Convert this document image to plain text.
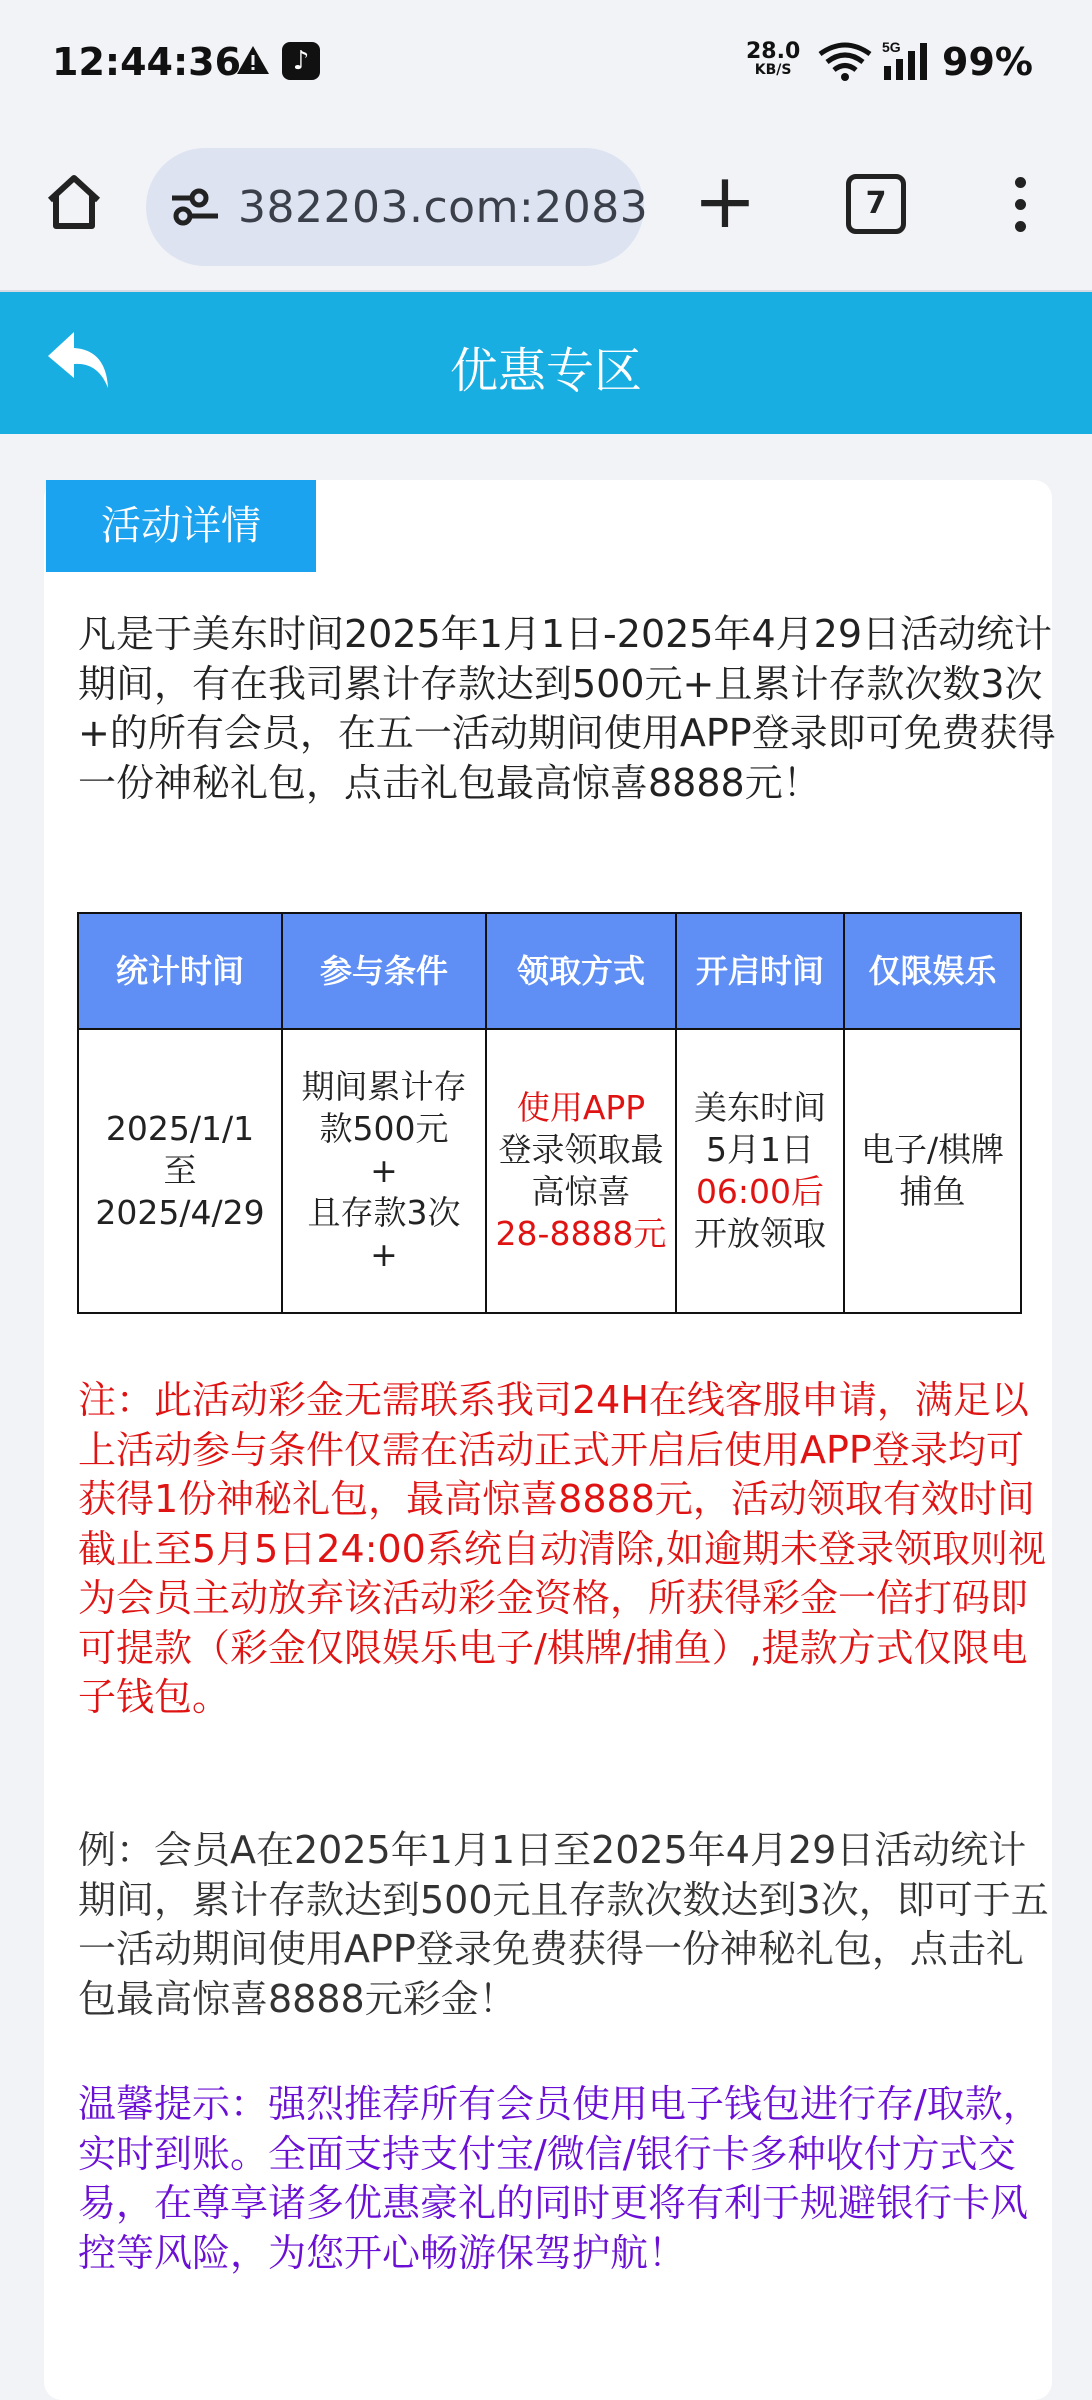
12:44:36	♪	28.0
KB/S
5G 99%
382203.com:2083 +	7
优惠专区
活动详情
凡是于美东时间2025年1月1日-2025年4月29日活动统计期间，有在我司累计存款达到500元+且累计存款次数3次+的所有会员，在五一活动期间使用APP登录即可免费获得一份神秘礼包，点击礼包最高惊喜8888元！
统计时间	参与条件	领取方式	开启时间	仅限娱乐
2025/1/1
至
2025/4/29	期间累计存款500元
+
且存款3次
+	使用APP
登录领取最高惊喜
28-8888元	美东时间
5月1日
06:00后
开放领取	电子/棋牌
捕鱼
注：此活动彩金无需联系我司24H在线客服申请，满足以上活动参与条件仅需在活动正式开启后使用APP登录均可获得1份神秘礼包，最高惊喜8888元，活动领取有效时间截止至5月5日24:00系统自动清除,如逾期未登录领取则视为会员主动放弃该活动彩金资格，所获得彩金一倍打码即可提款（彩金仅限娱乐电子/棋牌/捕鱼）,提款方式仅限电子钱包。
例：会员A在2025年1月1日至2025年4月29日活动统计期间，累计存款达到500元且存款次数达到3次，即可于五一活动期间使用APP登录免费获得一份神秘礼包，点击礼包最高惊喜8888元彩金！
温馨提示：强烈推荐所有会员使用电子钱包进行存/取款，实时到账。全面支持支付宝/微信/银行卡多种收付方式交易，在尊享诸多优惠豪礼的同时更将有利于规避银行卡风控等风险，为您开心畅游保驾护航！
